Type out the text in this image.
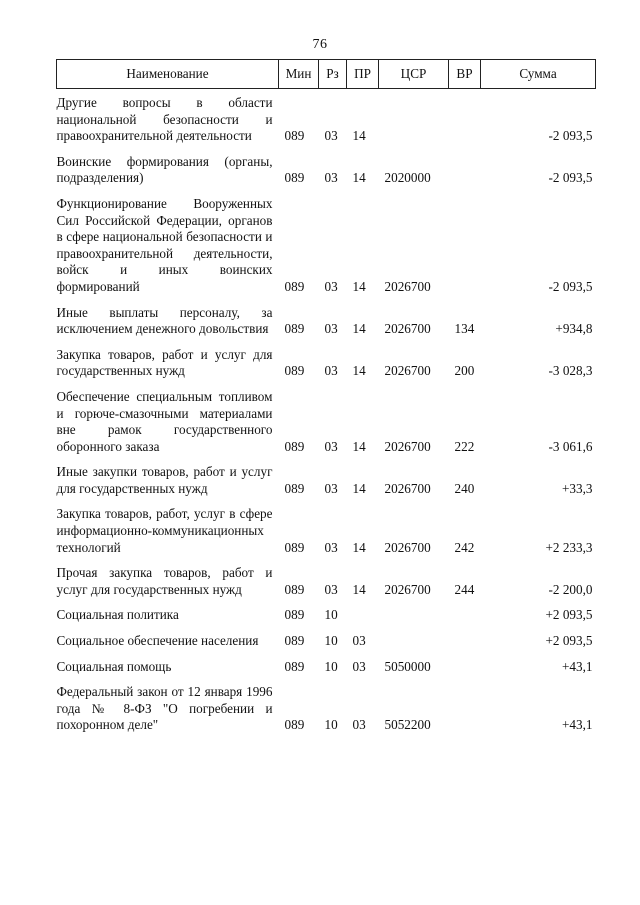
76
Наименование	Мин	Рз	ПР	ЦСР	ВР	Сумма
Другие вопросы в области национальной безопасности и правоохранительной деятельности	089	03	14			-2 093,5
Воинские формирования (органы, подразделения)	089	03	14	2020000		-2 093,5
Функционирование Вооруженных Сил Российской Федерации, органов в сфере национальной безопасности и правоохранительной деятельности, войск и иных воинских формирований	089	03	14	2026700		-2 093,5
Иные выплаты персоналу, за исключением денежного довольствия	089	03	14	2026700	134	+934,8
Закупка товаров, работ и услуг для государственных нужд	089	03	14	2026700	200	-3 028,3
Обеспечение специальным топливом и горюче-смазочными материалами вне рамок государственного оборонного заказа	089	03	14	2026700	222	-3 061,6
Иные закупки товаров, работ и услуг для государственных нужд	089	03	14	2026700	240	+33,3
Закупка товаров, работ, услуг в сфере информационно-коммуникационных технологий	089	03	14	2026700	242	+2 233,3
Прочая закупка товаров, работ и услуг для государственных нужд	089	03	14	2026700	244	-2 200,0
Социальная политика	089	10				+2 093,5
Социальное обеспечение населения	089	10	03			+2 093,5
Социальная помощь	089	10	03	5050000		+43,1
Федеральный закон от 12 января 1996 года № 8-ФЗ "О погребении и похоронном деле"	089	10	03	5052200		+43,1
